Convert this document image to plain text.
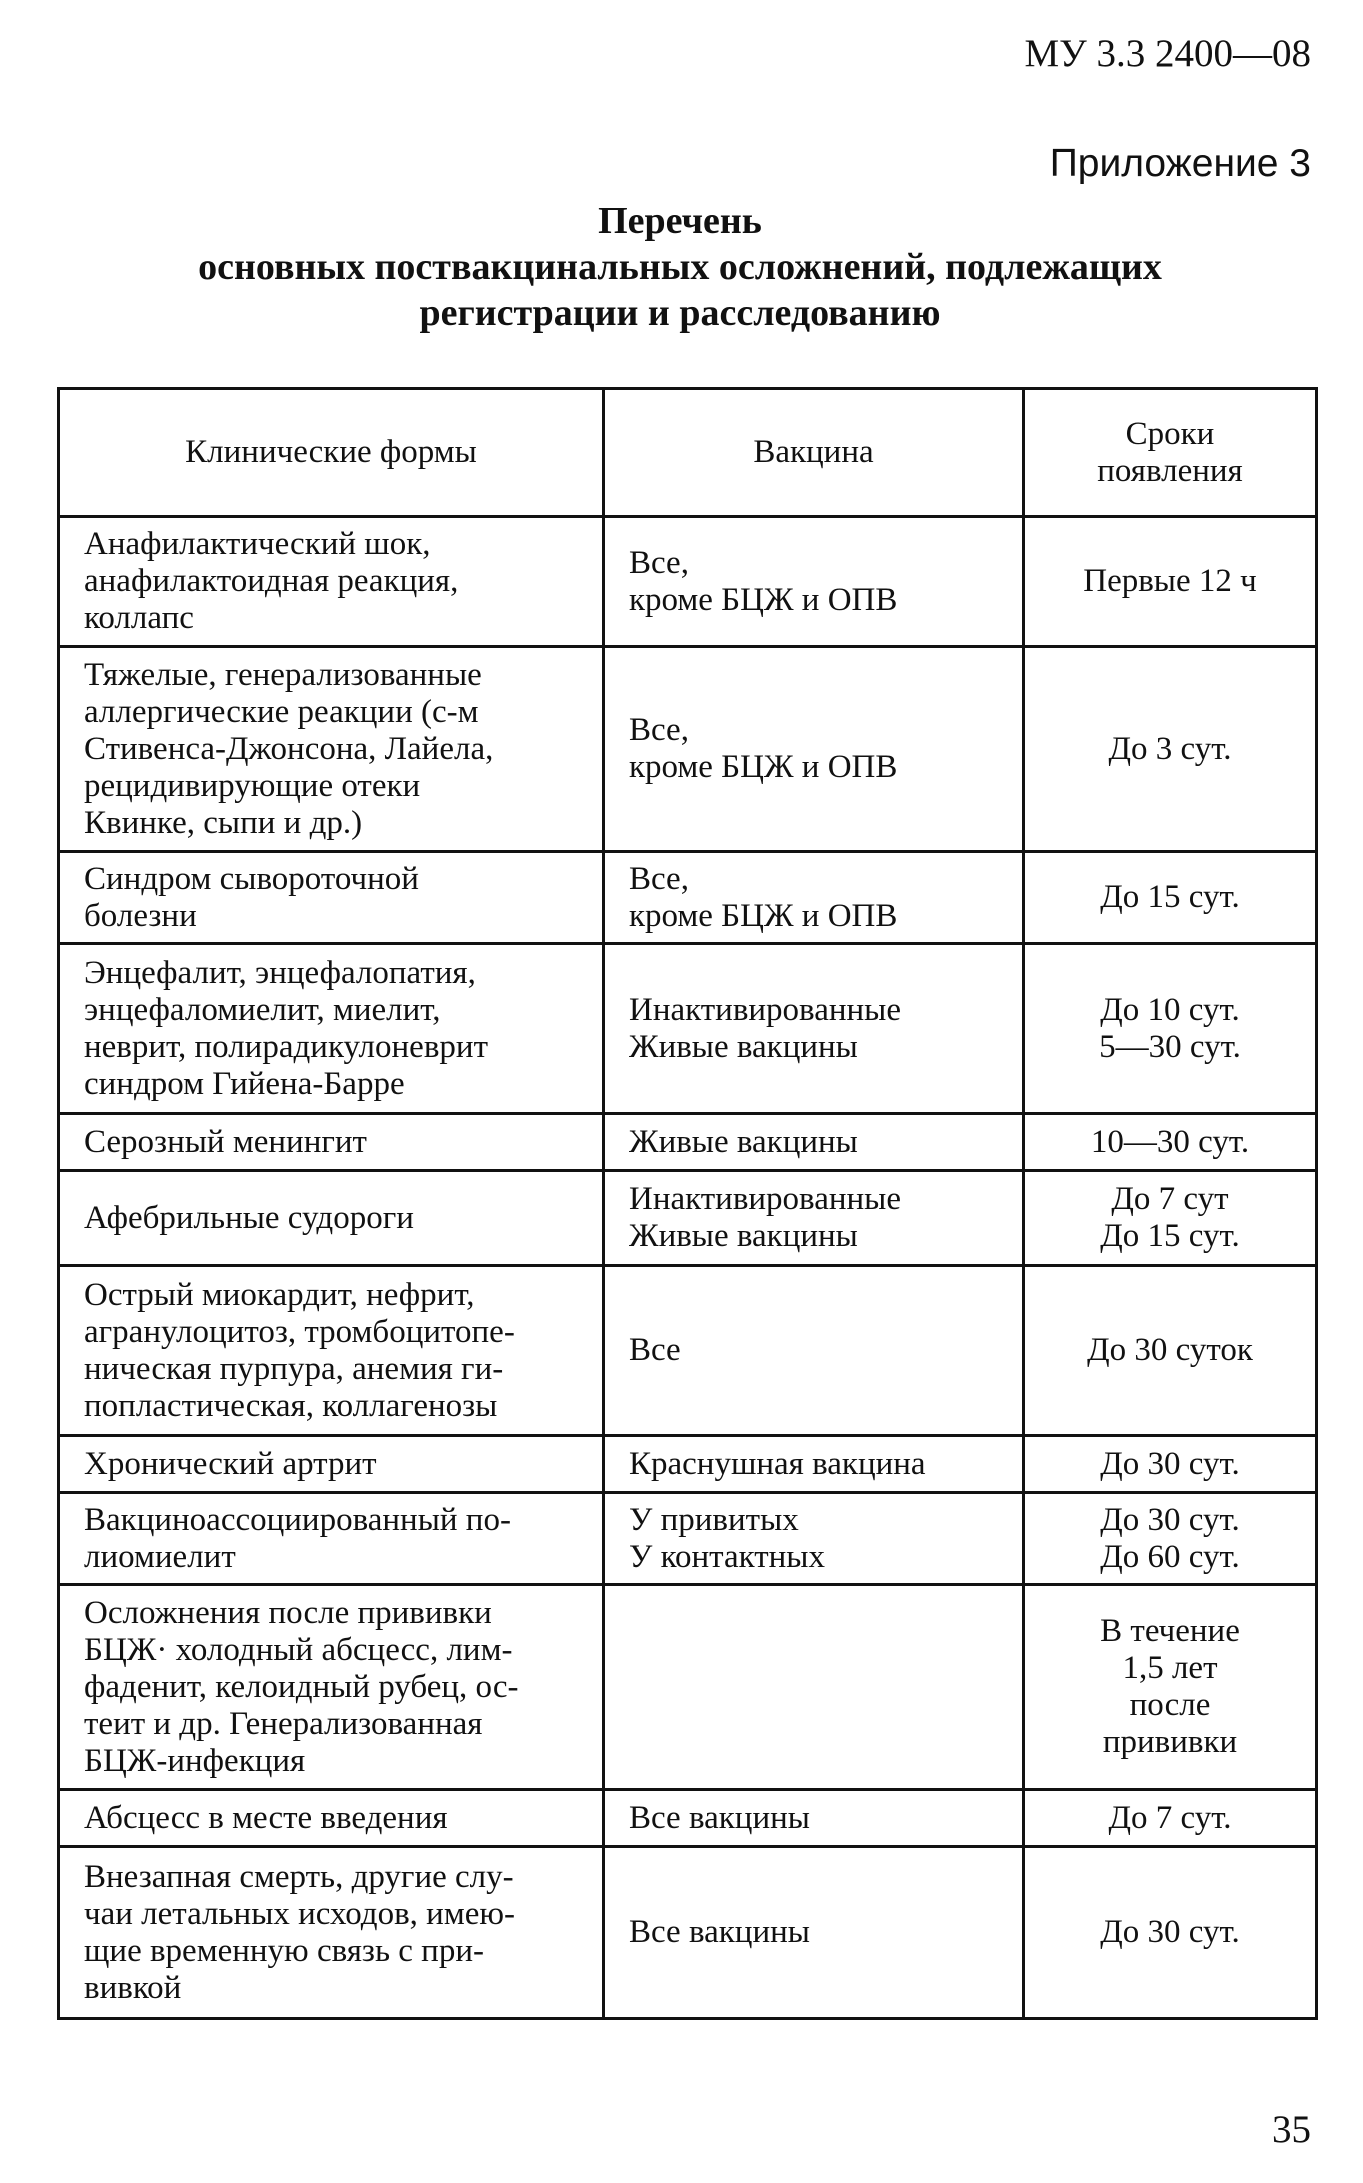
МУ 3.3 2400—08
Приложение 3
Перечень
основных поствакцинальных осложнений, подлежащих
регистрации и расследованию
Клинические формы	Вакцина	Сроки
появления

Анафилактический шок,
анафилактоидная реакция,
коллапс	Все,
кроме БЦЖ и ОПВ	Первые 12 ч

Тяжелые, генерализованные
аллергические реакции (с-м
Стивенса-Джонсона, Лайела,
рецидивирующие отеки
Квинке, сыпи и др.)	Все,
кроме БЦЖ и ОПВ	До 3 сут.

Синдром сывороточной
болезни	Все,
кроме БЦЖ и ОПВ	До 15 сут.

Энцефалит, энцефалопатия,
энцефаломиелит, миелит,
неврит, полирадикулоневрит
синдром Гийена-Барре	Инактивированные
Живые вакцины	До 10 сут.
5—30 сут.

Серозный менингит	Живые вакцины	10—30 сут.

Афебрильные судороги	Инактивированные
Живые вакцины	До 7 сут
До 15 сут.

Острый миокардит, нефрит,
агранулоцитоз, тромбоцитопе-
ническая пурпура, анемия ги-
попластическая, коллагенозы	Все	До 30 суток

Хронический артрит	Краснушная вакцина	До 30 сут.

Вакциноассоциированный по-
лиомиелит	У привитых
У контактных	До 30 сут.
До 60 сут.

Осложнения после прививки
БЦЖ· холодный абсцесс, лим-
фаденит, келоидный рубец, ос-
теит и др. Генерализованная
БЦЖ-инфекция		В течение
1,5 лет
после
прививки

Абсцесс в месте введения	Все вакцины	До 7 сут.

Внезапная смерть, другие слу-
чаи летальных исходов, имею-
щие временную связь с при-
вивкой	Все вакцины	До 30 сут.
35
